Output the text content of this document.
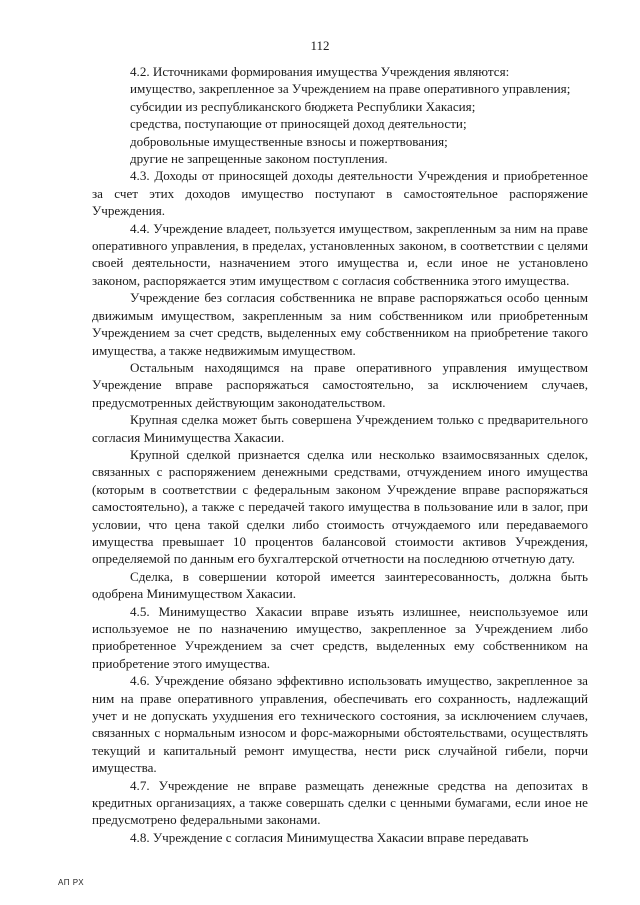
112

4.2. Источниками формирования имущества Учреждения являются:

имущество, закрепленное за Учреждением на праве оперативного управления;

субсидии из республиканского бюджета Республики Хакасия;

средства, поступающие от приносящей доход деятельности;

добровольные имущественные взносы и пожертвования;

другие не запрещенные законом поступления.

4.3. Доходы от приносящей доходы деятельности Учреждения и приобретенное за счет этих доходов имущество поступают в самостоятельное распоряжение Учреждения.

4.4. Учреждение владеет, пользуется имуществом, закрепленным за ним на праве оперативного управления, в пределах, установленных законом, в соответствии с целями своей деятельности, назначением этого имущества и, если иное не установлено законом, распоряжается этим имуществом с согласия собственника этого имущества.

Учреждение без согласия собственника не вправе распоряжаться особо ценным движимым имуществом, закрепленным за ним собственником или приобретенным Учреждением за счет средств, выделенных ему собственником на приобретение такого имущества, а также недвижимым имуществом.

Остальным находящимся на праве оперативного управления имуществом Учреждение вправе распоряжаться самостоятельно, за исключением случаев, предусмотренных действующим законодательством.

Крупная сделка может быть совершена Учреждением только с предварительного согласия Минимущества Хакасии.

Крупной сделкой признается сделка или несколько взаимосвязанных сделок, связанных с распоряжением денежными средствами, отчуждением иного имущества (которым в соответствии с федеральным законом Учреждение вправе распоряжаться самостоятельно), а также с передачей такого имущества в пользование или в залог, при условии, что цена такой сделки либо стоимость отчуждаемого или передаваемого имущества превышает 10 процентов балансовой стоимости активов Учреждения, определяемой по данным его бухгалтерской отчетности на последнюю отчетную дату.

Сделка, в совершении которой имеется заинтересованность, должна быть одобрена Минимуществом Хакасии.

4.5. Минимущество Хакасии вправе изъять излишнее, неиспользуемое или используемое не по назначению имущество, закрепленное за Учреждением либо приобретенное Учреждением за счет средств, выделенных ему собственником на приобретение этого имущества.

4.6. Учреждение обязано эффективно использовать имущество, закрепленное за ним на праве оперативного управления, обеспечивать его сохранность, надлежащий учет и не допускать ухудшения его технического состояния, за исключением случаев, связанных с нормальным износом и форс-мажорными обстоятельствами, осуществлять текущий и капитальный ремонт имущества, нести риск случайной гибели, порчи имущества.

4.7. Учреждение не вправе размещать денежные средства на депозитах в кредитных организациях, а также совершать сделки с ценными бумагами, если иное не предусмотрено федеральными законами.

4.8. Учреждение с согласия Минимущества Хакасии вправе передавать

АП РХ
